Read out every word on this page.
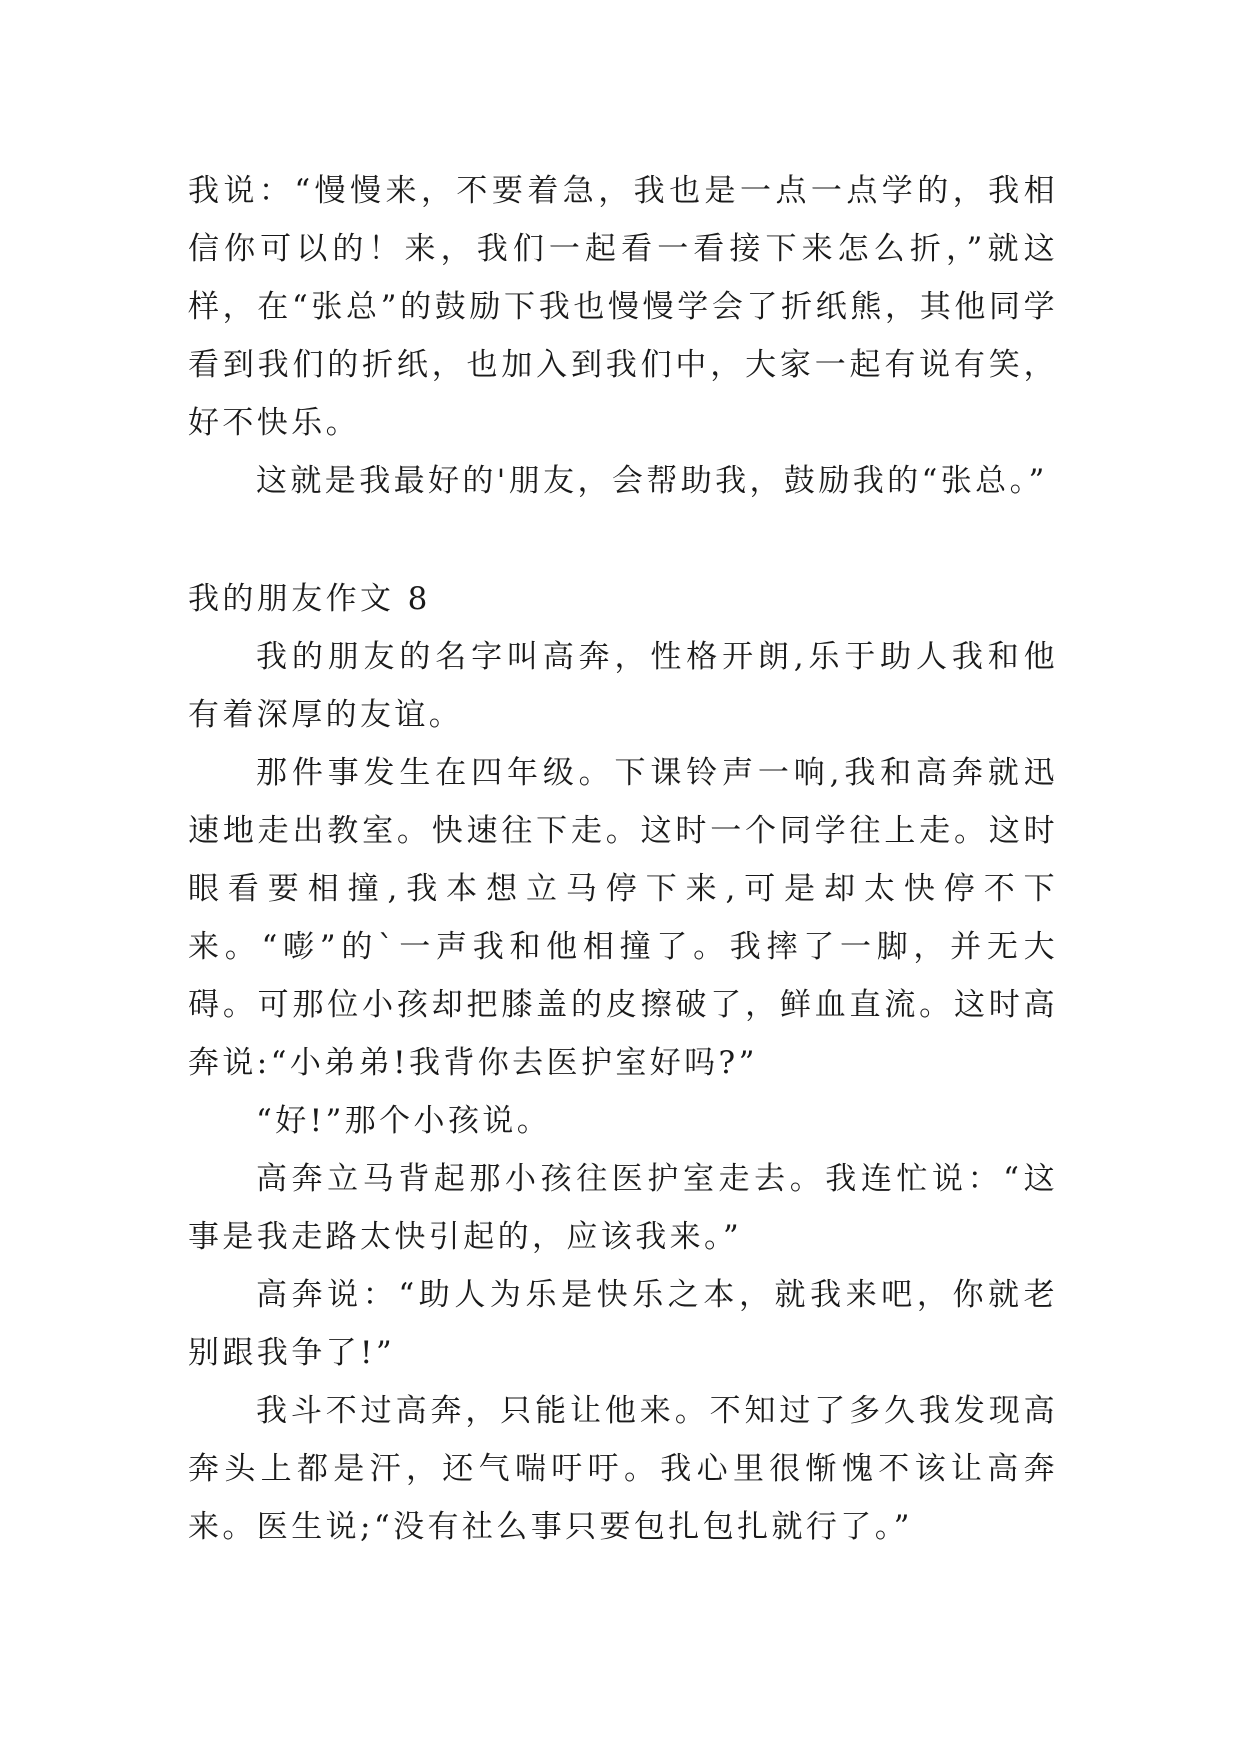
我说：“慢慢来，不要着急，我也是一点一点学的，我相信你可以的！来，我们一起看一看接下来怎么折，”就这样，在“张总”的鼓励下我也慢慢学会了折纸熊，其他同学看到我们的折纸，也加入到我们中，大家一起有说有笑，好不快乐。

这就是我最好的'朋友，会帮助我，鼓励我的“张总。”

我的朋友作文 8

我的朋友的名字叫高奔，性格开朗,乐于助人我和他有着深厚的友谊。

那件事发生在四年级。下课铃声一响,我和高奔就迅速地走出教室。快速往下走。这时一个同学往上走。这时眼看要相撞,我本想立马停下来,可是却太快停不下来。“嘭”的`一声我和他相撞了。我摔了一脚，并无大碍。可那位小孩却把膝盖的皮擦破了，鲜血直流。这时高奔说:“小弟弟!我背你去医护室好吗?”

“好!”那个小孩说。

高奔立马背起那小孩往医护室走去。我连忙说：“这事是我走路太快引起的，应该我来。”

高奔说：“助人为乐是快乐之本，就我来吧，你就老别跟我争了!”

我斗不过高奔，只能让他来。不知过了多久我发现高奔头上都是汗，还气喘吁吁。我心里很惭愧不该让高奔来。医生说;“没有社么事只要包扎包扎就行了。”
